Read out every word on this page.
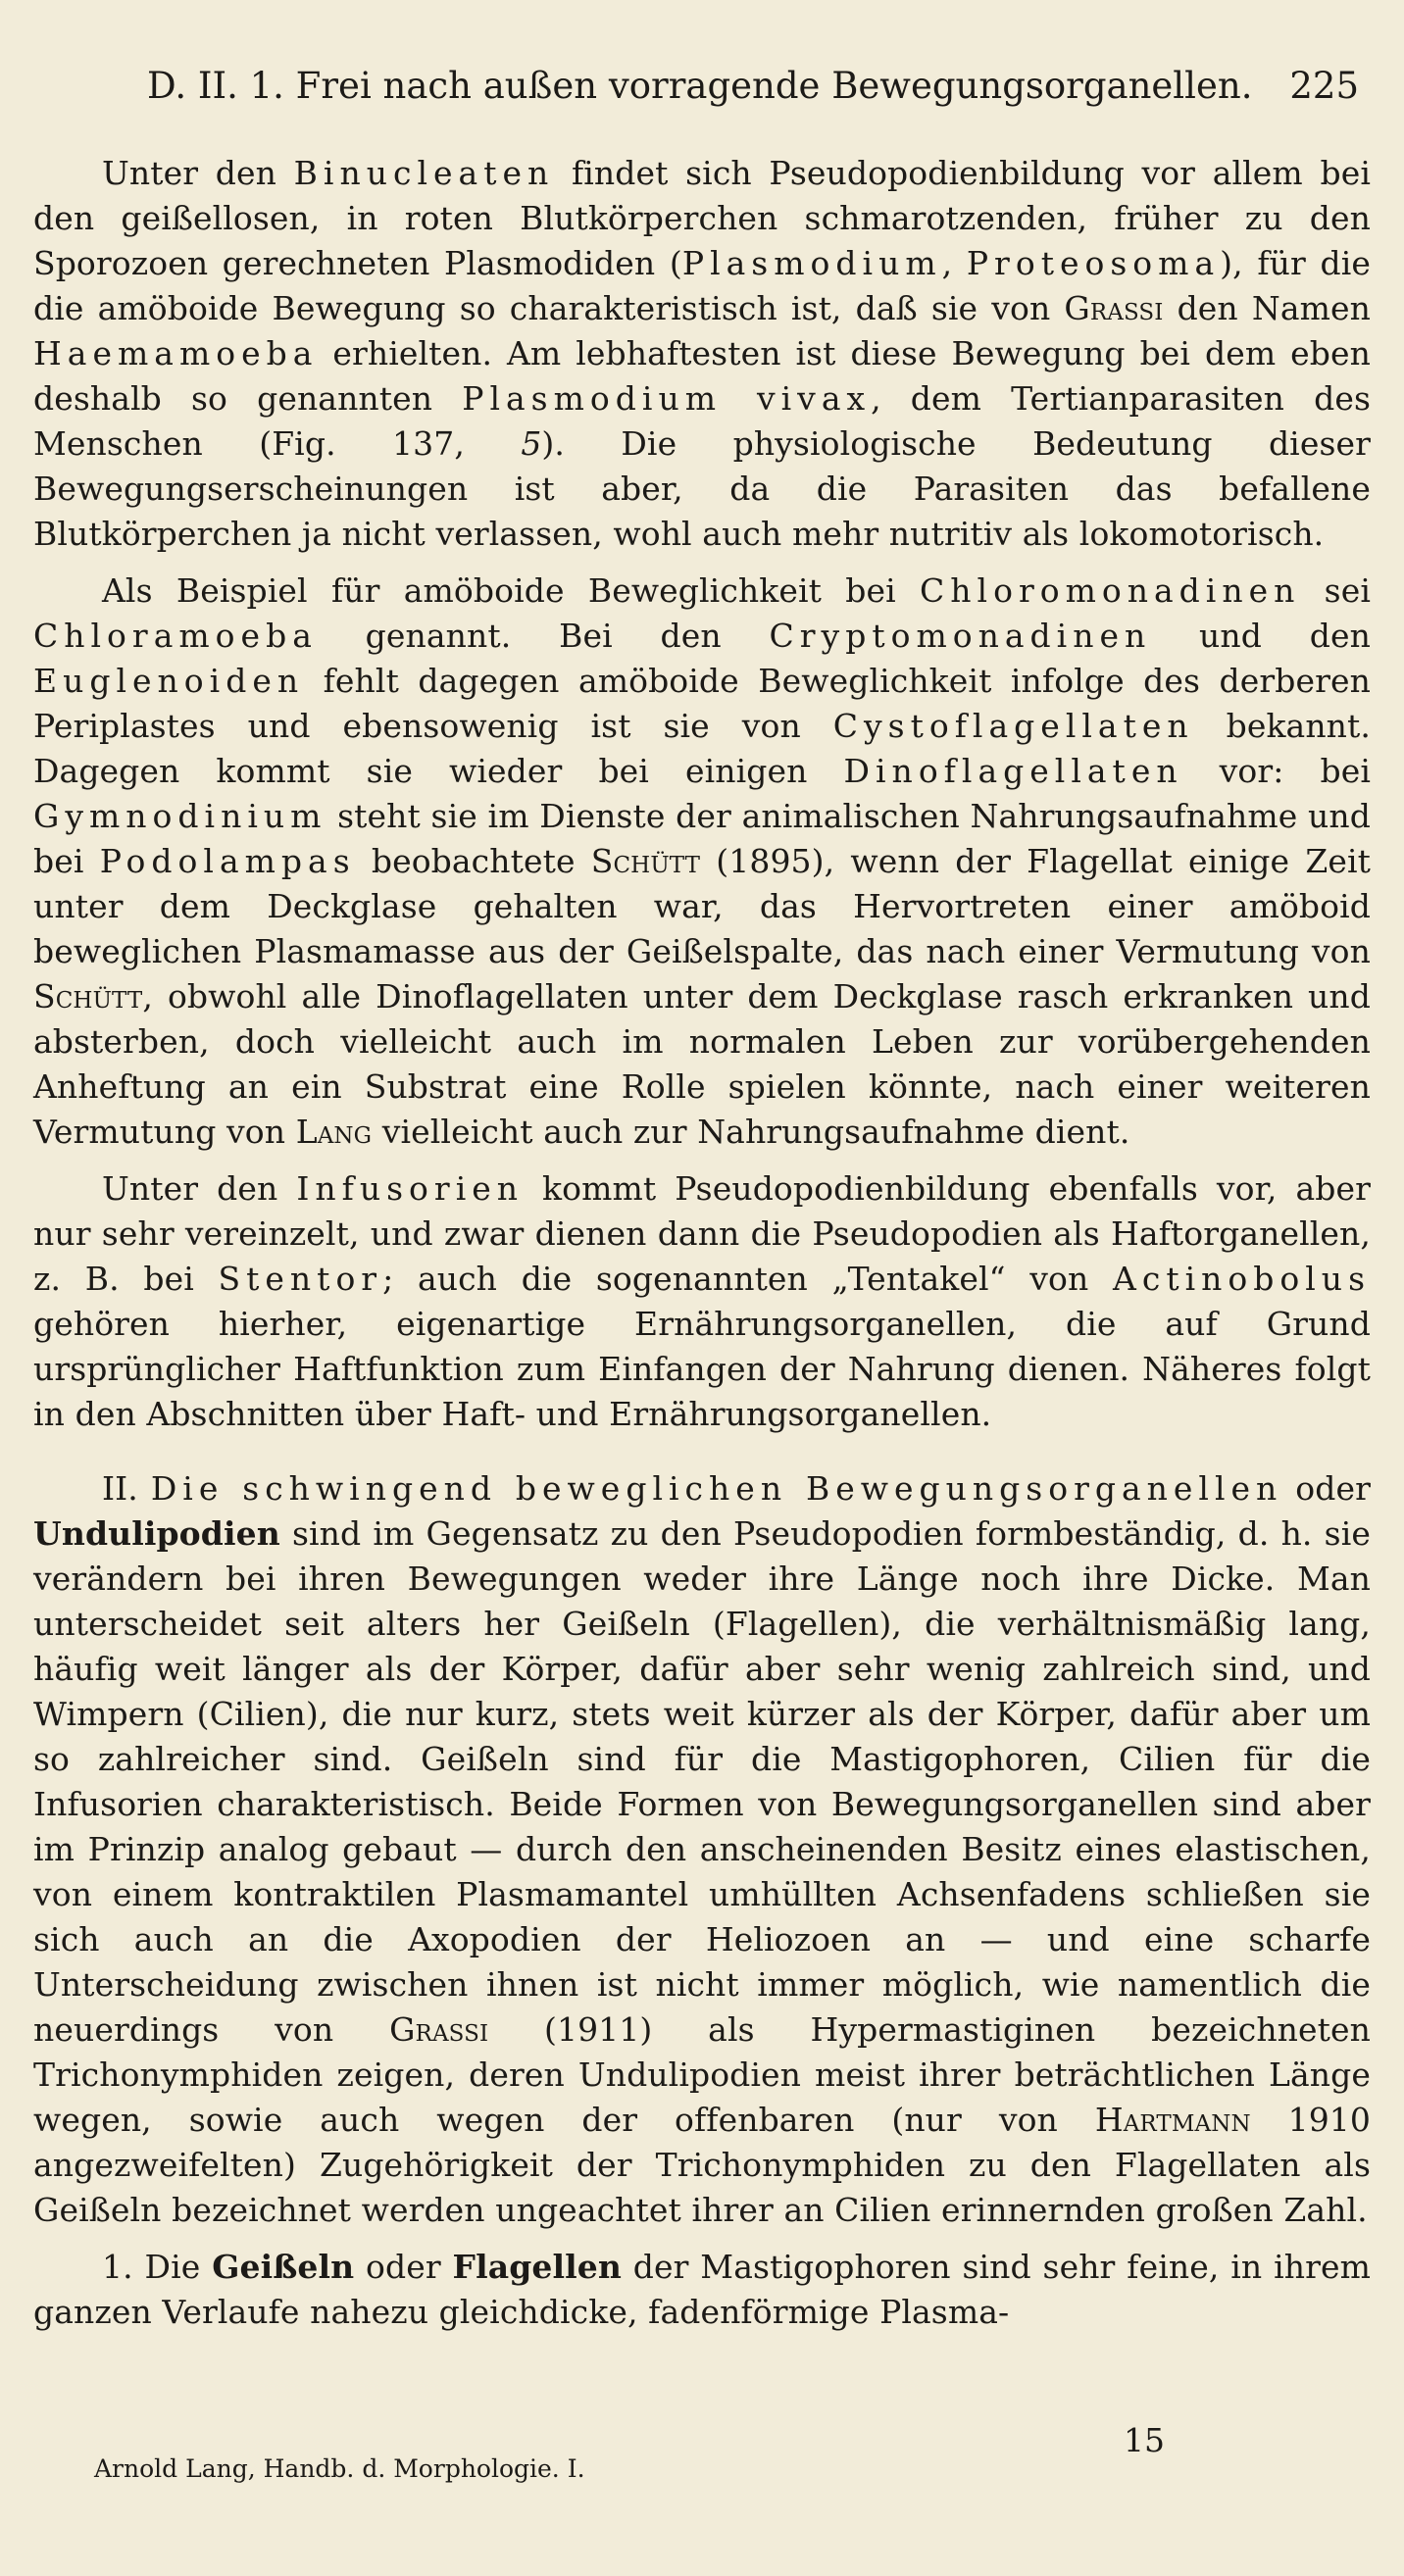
D. II. 1. Frei nach außen vorragende Bewegungsorganellen. 225

Unter den Binucleaten findet sich Pseudopodienbildung vor allem bei den geißellosen, in roten Blutkörperchen schmarotzenden, früher zu den Sporozoen gerechneten Plasmodiden (Plasmodium, Proteosoma), für die die amöboide Bewegung so charakteristisch ist, daß sie von Grassi den Namen Haemamoeba erhielten. Am lebhaftesten ist diese Bewegung bei dem eben deshalb so genannten Plasmodium vivax, dem Tertianparasiten des Menschen (Fig. 137, 5). Die physiologische Bedeutung dieser Bewegungserscheinungen ist aber, da die Parasiten das befallene Blutkörperchen ja nicht verlassen, wohl auch mehr nutritiv als lokomotorisch.

Als Beispiel für amöboide Beweglichkeit bei Chloromonadinen sei Chloramoeba genannt. Bei den Cryptomonadinen und den Euglenoiden fehlt dagegen amöboide Beweglichkeit infolge des derberen Periplastes und ebensowenig ist sie von Cystoflagellaten bekannt. Dagegen kommt sie wieder bei einigen Dinoflagellaten vor: bei Gymnodinium steht sie im Dienste der animalischen Nahrungsaufnahme und bei Podolampas beobachtete Schütt (1895), wenn der Flagellat einige Zeit unter dem Deckglase gehalten war, das Hervortreten einer amöboid beweglichen Plasmamasse aus der Geißelspalte, das nach einer Vermutung von Schütt, obwohl alle Dinoflagellaten unter dem Deckglase rasch erkranken und absterben, doch vielleicht auch im normalen Leben zur vorübergehenden Anheftung an ein Substrat eine Rolle spielen könnte, nach einer weiteren Vermutung von Lang vielleicht auch zur Nahrungsaufnahme dient.

Unter den Infusorien kommt Pseudopodienbildung ebenfalls vor, aber nur sehr vereinzelt, und zwar dienen dann die Pseudopodien als Haftorganellen, z. B. bei Stentor; auch die sogenannten „Tentakel“ von Actinobolus gehören hierher, eigenartige Ernährungsorganellen, die auf Grund ursprünglicher Haftfunktion zum Einfangen der Nahrung dienen. Näheres folgt in den Abschnitten über Haft- und Ernährungsorganellen.

II. Die schwingend beweglichen Bewegungsorganellen oder Undulipodien sind im Gegensatz zu den Pseudopodien formbeständig, d. h. sie verändern bei ihren Bewegungen weder ihre Länge noch ihre Dicke. Man unterscheidet seit alters her Geißeln (Flagellen), die verhältnismäßig lang, häufig weit länger als der Körper, dafür aber sehr wenig zahlreich sind, und Wimpern (Cilien), die nur kurz, stets weit kürzer als der Körper, dafür aber um so zahlreicher sind. Geißeln sind für die Mastigophoren, Cilien für die Infusorien charakteristisch. Beide Formen von Bewegungsorganellen sind aber im Prinzip analog gebaut — durch den anscheinenden Besitz eines elastischen, von einem kontraktilen Plasmamantel umhüllten Achsenfadens schließen sie sich auch an die Axopodien der Heliozoen an — und eine scharfe Unterscheidung zwischen ihnen ist nicht immer möglich, wie namentlich die neuerdings von Grassi (1911) als Hypermastiginen bezeichneten Trichonymphiden zeigen, deren Undulipodien meist ihrer beträchtlichen Länge wegen, sowie auch wegen der offenbaren (nur von Hartmann 1910 angezweifelten) Zugehörigkeit der Trichonymphiden zu den Flagellaten als Geißeln bezeichnet werden ungeachtet ihrer an Cilien erinnernden großen Zahl.

1. Die Geißeln oder Flagellen der Mastigophoren sind sehr feine, in ihrem ganzen Verlaufe nahezu gleichdicke, fadenförmige Plasma-

15
Arnold Lang, Handb. d. Morphologie. I.
